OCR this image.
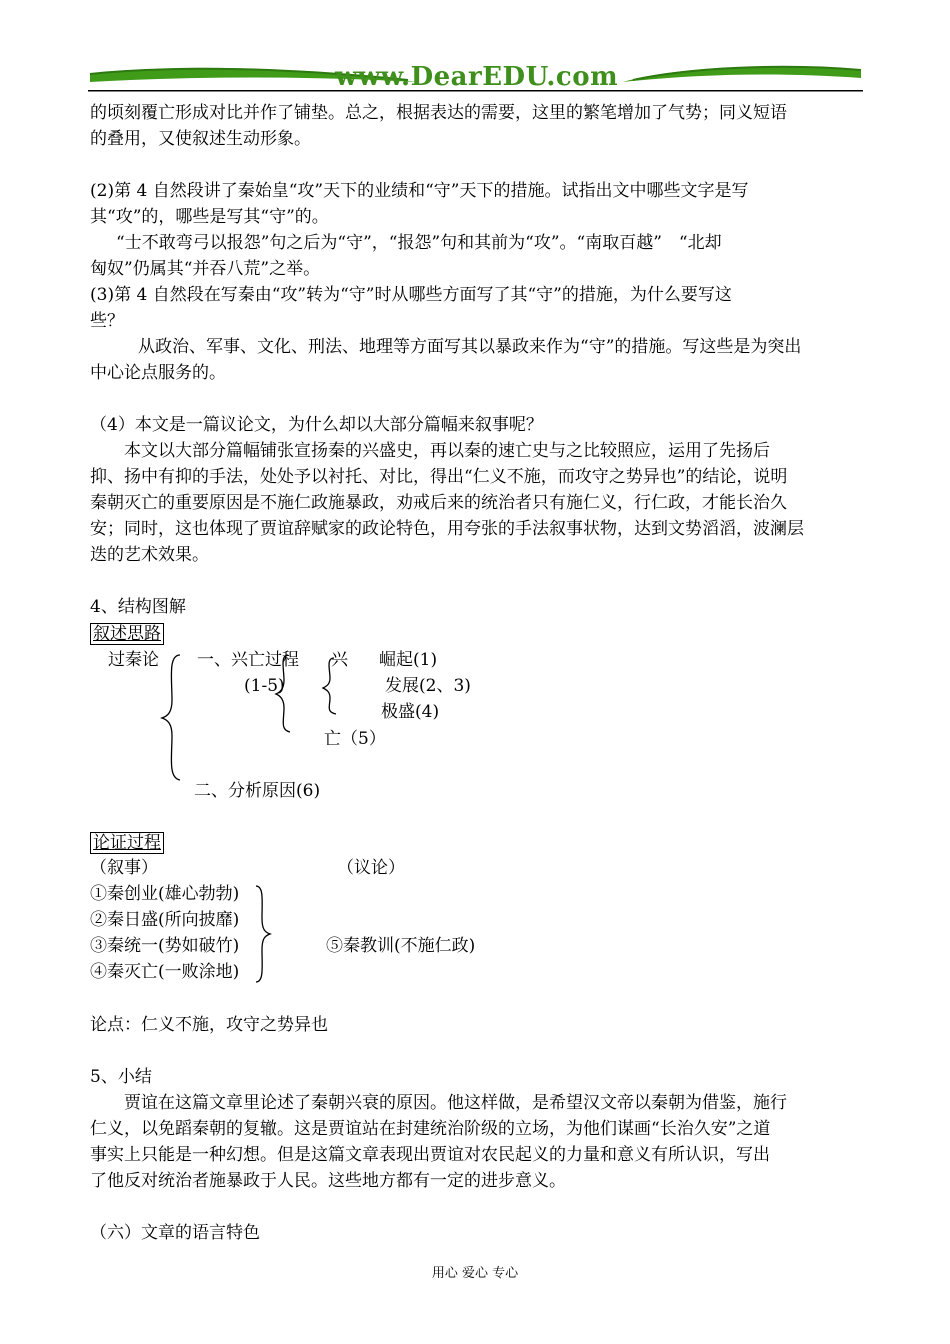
www.DearEDU.com
的顷刻覆亡形成对比并作了铺垫。总之，根据表达的需要，这里的繁笔增加了气势；同义短语
的叠用，又使叙述生动形象。
(2)第 4 自然段讲了秦始皇“攻”天下的业绩和“守”天下的措施。试指出文中哪些文字是写
其“攻”的，哪些是写其“守”的。
　“士不敢弯弓以报怨”句之后为“守”，“报怨”句和其前为“攻”。“南取百越”　“北却
匈奴”仍属其“并吞八荒”之举。
(3)第 4 自然段在写秦由“攻”转为“守”时从哪些方面写了其“守”的措施，为什么要写这
些？
　　从政治、军事、文化、刑法、地理等方面写其以暴政来作为“守”的措施。写这些是为突出
中心论点服务的。
（4）本文是一篇议论文，为什么却以大部分篇幅来叙事呢？
　　本文以大部分篇幅铺张宣扬秦的兴盛史，再以秦的速亡史与之比较照应，运用了先扬后
抑、扬中有抑的手法，处处予以衬托、对比，得出“仁义不施，而攻守之势异也”的结论，说明
秦朝灭亡的重要原因是不施仁政施暴政，劝戒后来的统治者只有施仁义，行仁政，才能长治久
安；同时，这也体现了贾谊辞赋家的政论特色，用夸张的手法叙事状物，达到文势滔滔，波澜层
迭的艺术效果。
4、结构图解
叙述思路
过秦论 一、兴亡过程
(1-5)
兴 崛起(1)
发展(2、3)
极盛(4)
亡（5）
二、分析原因(6)
论证过程
（叙事）	（议论）
①秦创业(雄心勃勃)
②秦日盛(所向披靡)
③秦统一(势如破竹)
④秦灭亡(一败涂地)
⑤秦教训(不施仁政)
论点：仁义不施，攻守之势异也
5、小结
　　贾谊在这篇文章里论述了秦朝兴衰的原因。他这样做，是希望汉文帝以秦朝为借鉴，施行
仁义，以免蹈秦朝的复辙。这是贾谊站在封建统治阶级的立场，为他们谋画“长治久安”之道
事实上只能是一种幻想。但是这篇文章表现出贾谊对农民起义的力量和意义有所认识，写出
了他反对统治者施暴政于人民。这些地方都有一定的进步意义。
（六）文章的语言特色
用心 爱心 专心
